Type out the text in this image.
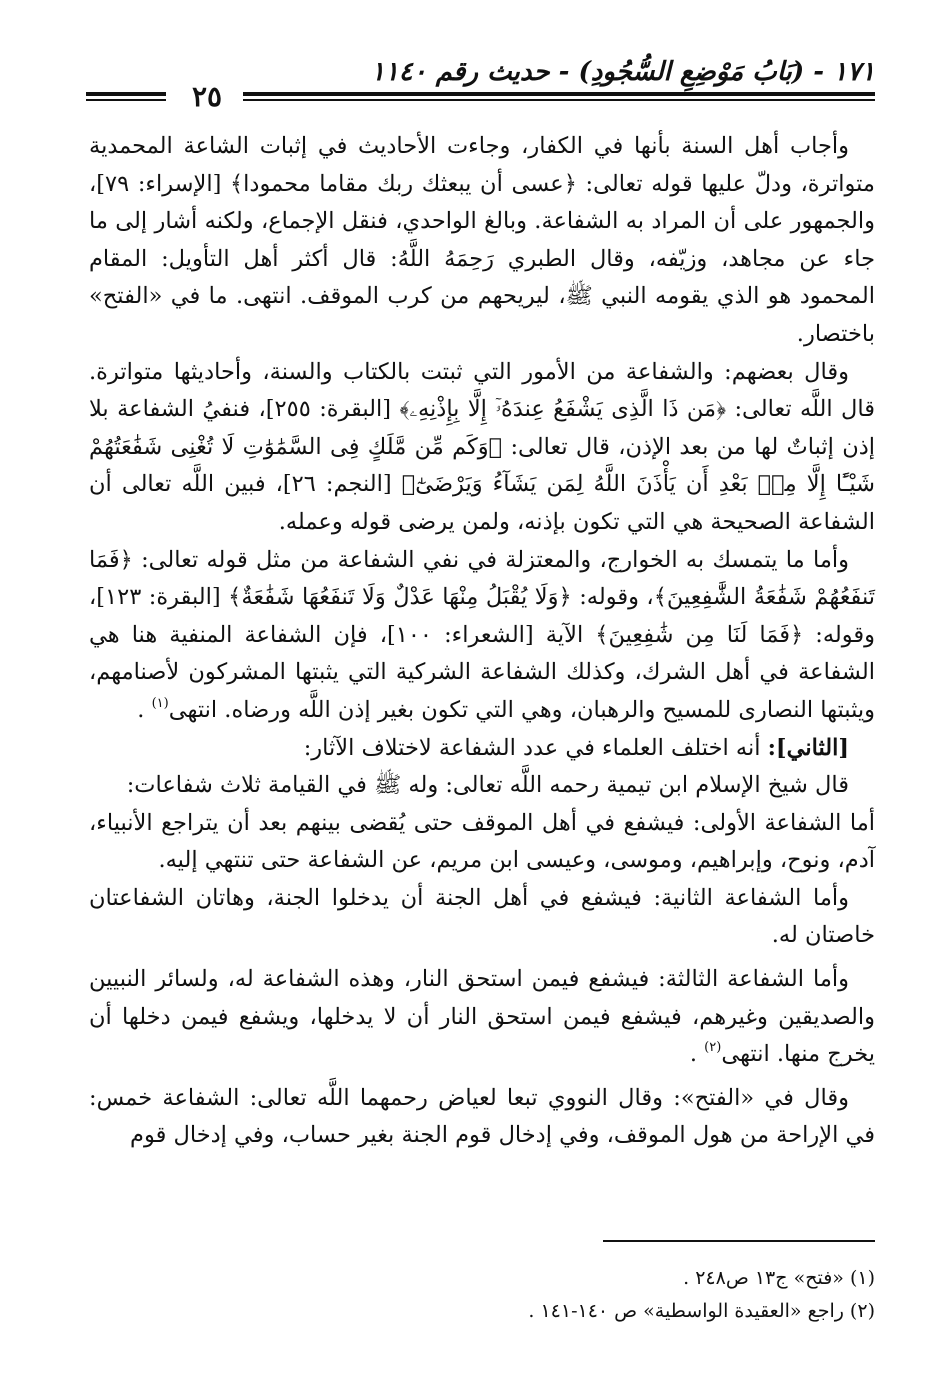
١٧١ - (بَابُ مَوْضِعِ السُّجُودِ) - حديث رقم ١١٤٠
٢٥

وأجاب أهل السنة بأنها في الكفار، وجاءت الأحاديث في إثبات الشاعة المحمدية متواترة، ودلّ عليها قوله تعالى: ﴿عسى أن يبعثك ربك مقاما محمودا﴾ [الإسراء: ٧٩]، والجمهور على أن المراد به الشفاعة. وبالغ الواحدي، فنقل الإجماع، ولكنه أشار إلى ما جاء عن مجاهد، وزيّفه، وقال الطبري رَحِمَهُ اللَّهُ: قال أكثر أهل التأويل: المقام المحمود هو الذي يقومه النبي ﷺ، ليريحهم من كرب الموقف. انتهى. ما في «الفتح» باختصار.

وقال بعضهم: والشفاعة من الأمور التي ثبتت بالكتاب والسنة، وأحاديثها متواترة. قال اللَّه تعالى: ﴿مَن ذَا الَّذِى يَشْفَعُ عِندَهُۥٓ إِلَّا بِإِذْنِهِۦ﴾ [البقرة: ٢٥٥]، فنفيُ الشفاعة بلا إذن إثباتٌ لها من بعد الإذن، قال تعالى: ﴿وَكَم مِّن مَّلَكٍ فِى السَّمَٰوَٰتِ لَا تُغْنِى شَفَٰعَتُهُمْ شَيْـًٔا إِلَّا مِنۢ بَعْدِ أَن يَأْذَنَ اللَّهُ لِمَن يَشَآءُ وَيَرْضَىٰٓ﴾ [النجم: ٢٦]، فبين اللَّه تعالى أن الشفاعة الصحيحة هي التي تكون بإذنه، ولمن يرضى قوله وعمله.

وأما ما يتمسك به الخوارج، والمعتزلة في نفي الشفاعة من مثل قوله تعالى: ﴿فَمَا تَنفَعُهُمْ شَفَٰعَةُ الشَّٰفِعِينَ﴾، وقوله: ﴿وَلَا يُقْبَلُ مِنْهَا عَدْلٌ وَلَا تَنفَعُهَا شَفَٰعَةٌ﴾ [البقرة: ١٢٣]، وقوله: ﴿فَمَا لَنَا مِن شَٰفِعِينَ﴾ الآية [الشعراء: ١٠٠]، فإن الشفاعة المنفية هنا هي الشفاعة في أهل الشرك، وكذلك الشفاعة الشركية التي يثبتها المشركون لأصنامهم، ويثبتها النصارى للمسيح والرهبان، وهي التي تكون بغير إذن اللَّه ورضاه. انتهى$^{(١)}$ .

[الثاني]: أنه اختلف العلماء في عدد الشفاعة لاختلاف الآثار:

قال شيخ الإسلام ابن تيمية رحمه اللَّه تعالى: وله ﷺ في القيامة ثلاث شفاعات:

أما الشفاعة الأولى: فيشفع في أهل الموقف حتى يُقضى بينهم بعد أن يتراجع الأنبياء، آدم، ونوح، وإبراهيم، وموسى، وعيسى ابن مريم، عن الشفاعة حتى تنتهي إليه.

وأما الشفاعة الثانية: فيشفع في أهل الجنة أن يدخلوا الجنة، وهاتان الشفاعتان خاصتان له.

وأما الشفاعة الثالثة: فيشفع فيمن استحق النار، وهذه الشفاعة له، ولسائر النبيين والصديقين وغيرهم، فيشفع فيمن استحق النار أن لا يدخلها، ويشفع فيمن دخلها أن يخرج منها. انتهى$^{(٢)}$ .

وقال في «الفتح»: وقال النووي تبعا لعياض رحمهما اللَّه تعالى: الشفاعة خمس: في الإراحة من هول الموقف، وفي إدخال قوم الجنة بغير حساب، وفي إدخال قوم

(١) «فتح» ج١٣ ص٢٤٨ .

(٢) راجع «العقيدة الواسطية» ص ١٤٠-١٤١ .
